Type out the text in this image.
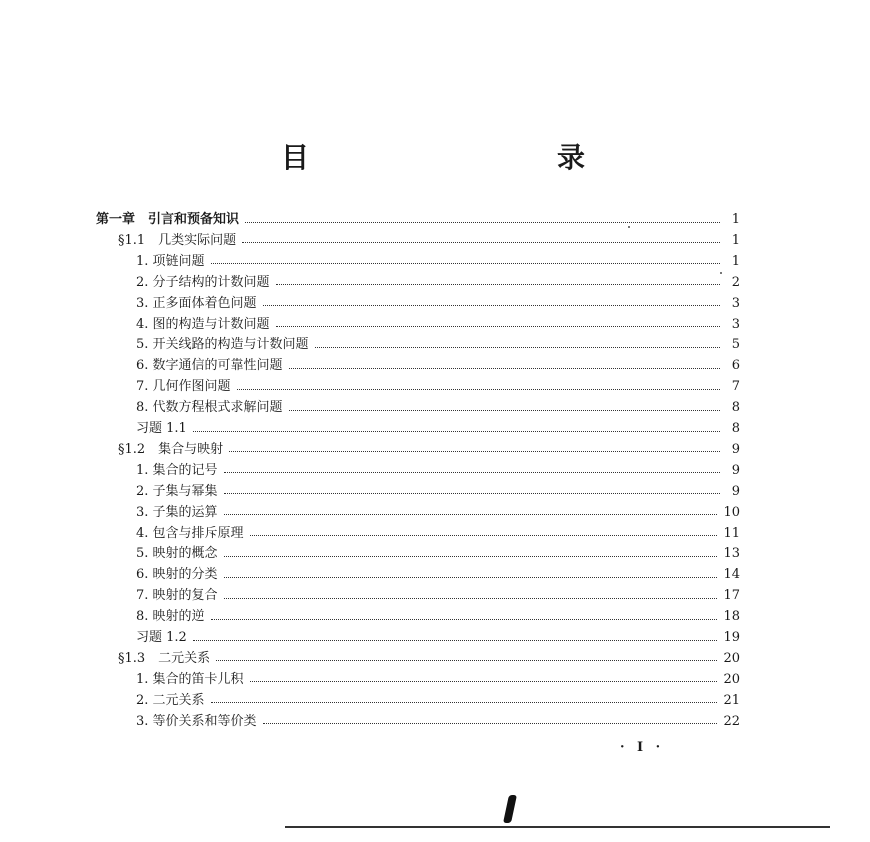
目　　录
第一章　引言和预备知识	1
§1.1　几类实际问题	1
1. 项链问题	1
2. 分子结构的计数问题	2
3. 正多面体着色问题	3
4. 图的构造与计数问题	3
5. 开关线路的构造与计数问题	5
6. 数字通信的可靠性问题	6
7. 几何作图问题	7
8. 代数方程根式求解问题	8
习题 1.1	8
§1.2　集合与映射	9
1. 集合的记号	9
2. 子集与幂集	9
3. 子集的运算	10
4. 包含与排斥原理	11
5. 映射的概念	13
6. 映射的分类	14
7. 映射的复合	17
8. 映射的逆	18
习题 1.2	19
§1.3　二元关系	20
1. 集合的笛卡儿积	20
2. 二元关系	21
3. 等价关系和等价类	22
· I ·
